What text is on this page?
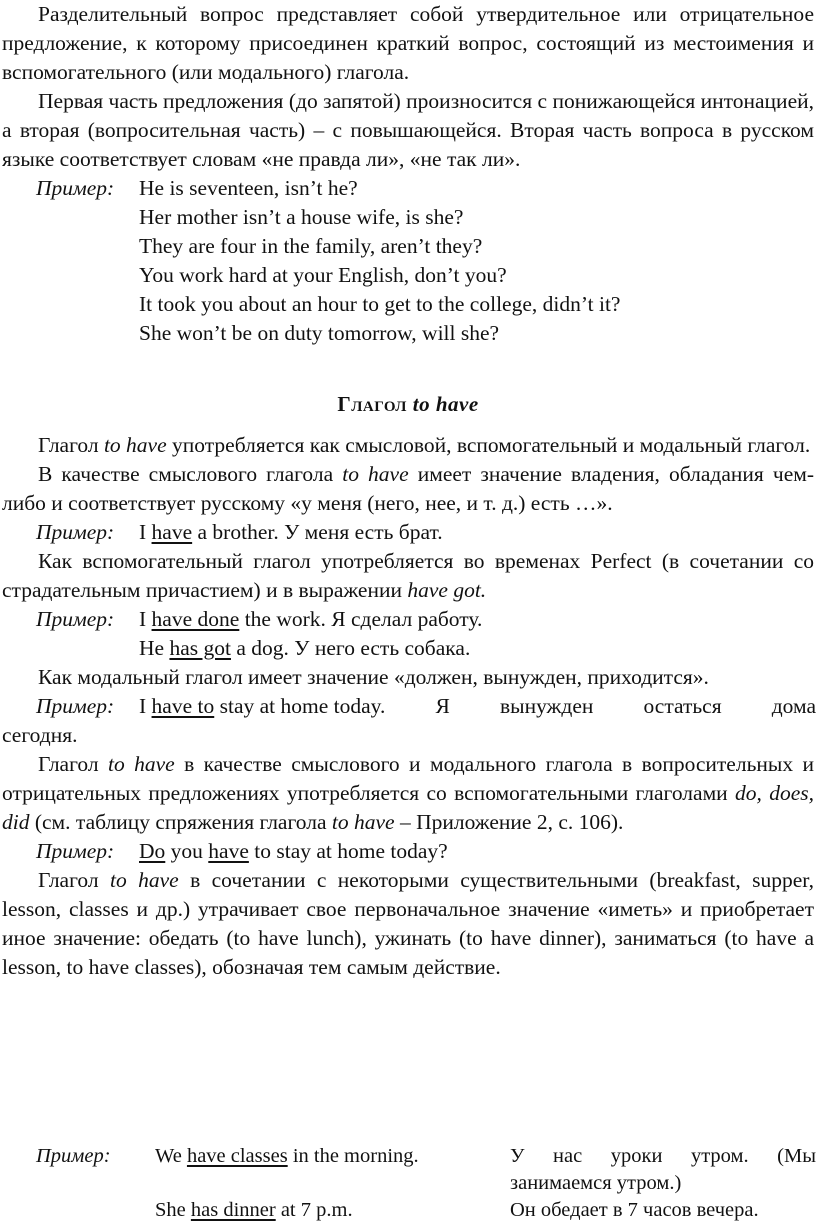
Разделительный вопрос представляет собой утвердительное или отрицательное предложение, к которому присоединен краткий вопрос, состоящий из местоимения и вспомогательного (или модального) глагола.

Первая часть предложения (до запятой) произносится с понижающейся интонацией, а вторая (вопросительная часть) – с повышающейся. Вторая часть вопроса в русском языке соответствует словам «не правда ли», «не так ли».

Пример: He is seventeen, isn’t he?

Her mother isn’t a house wife, is she?

They are four in the family, aren’t they?

You work hard at your English, don’t you?

It took you about an hour to get to the college, didn’t it?

She won’t be on duty tomorrow, will she?

Глагол to have

Глагол to have употребляется как смысловой, вспомогательный и модальный глагол.

В качестве смыслового глагола to have имеет значение владения, обладания чем-либо и соответствует русскому «у меня (него, нее, и т. д.) есть …».

Пример: I have a brother. У меня есть брат.

Как вспомогательный глагол употребляется во временах Perfect (в сочетании со страдательным причастием) и в выражении have got.

Пример: I have done the work. Я сделал работу.

He has got a dog. У него есть собака.

Как модальный глагол имеет значение «должен, вынужден, приходится».

Пример: I have to stay at home today. Я вынужден остаться дома

сегодня.

Глагол to have в качестве смыслового и модального глагола в вопросительных и отрицательных предложениях употребляется со вспомогательными глаголами do, does, did (см. таблицу спряжения глагола to have – Приложение 2, с. 106).

Пример: Do you have to stay at home today?

Глагол to have в сочетании с некоторыми существительными (breakfast, supper, lesson, classes и др.) утрачивает свое первоначальное значение «иметь» и приобретает иное значение: обедать (to have lunch), ужинать (to have dinner), заниматься (to have a lesson, to have classes), обозначая тем самым действие.

Пример: We have classes in the morning.	У нас уроки утром. (Мы
занимаемся утром.)
She has dinner at 7 p.m.	Он обедает в 7 часов вечера.
